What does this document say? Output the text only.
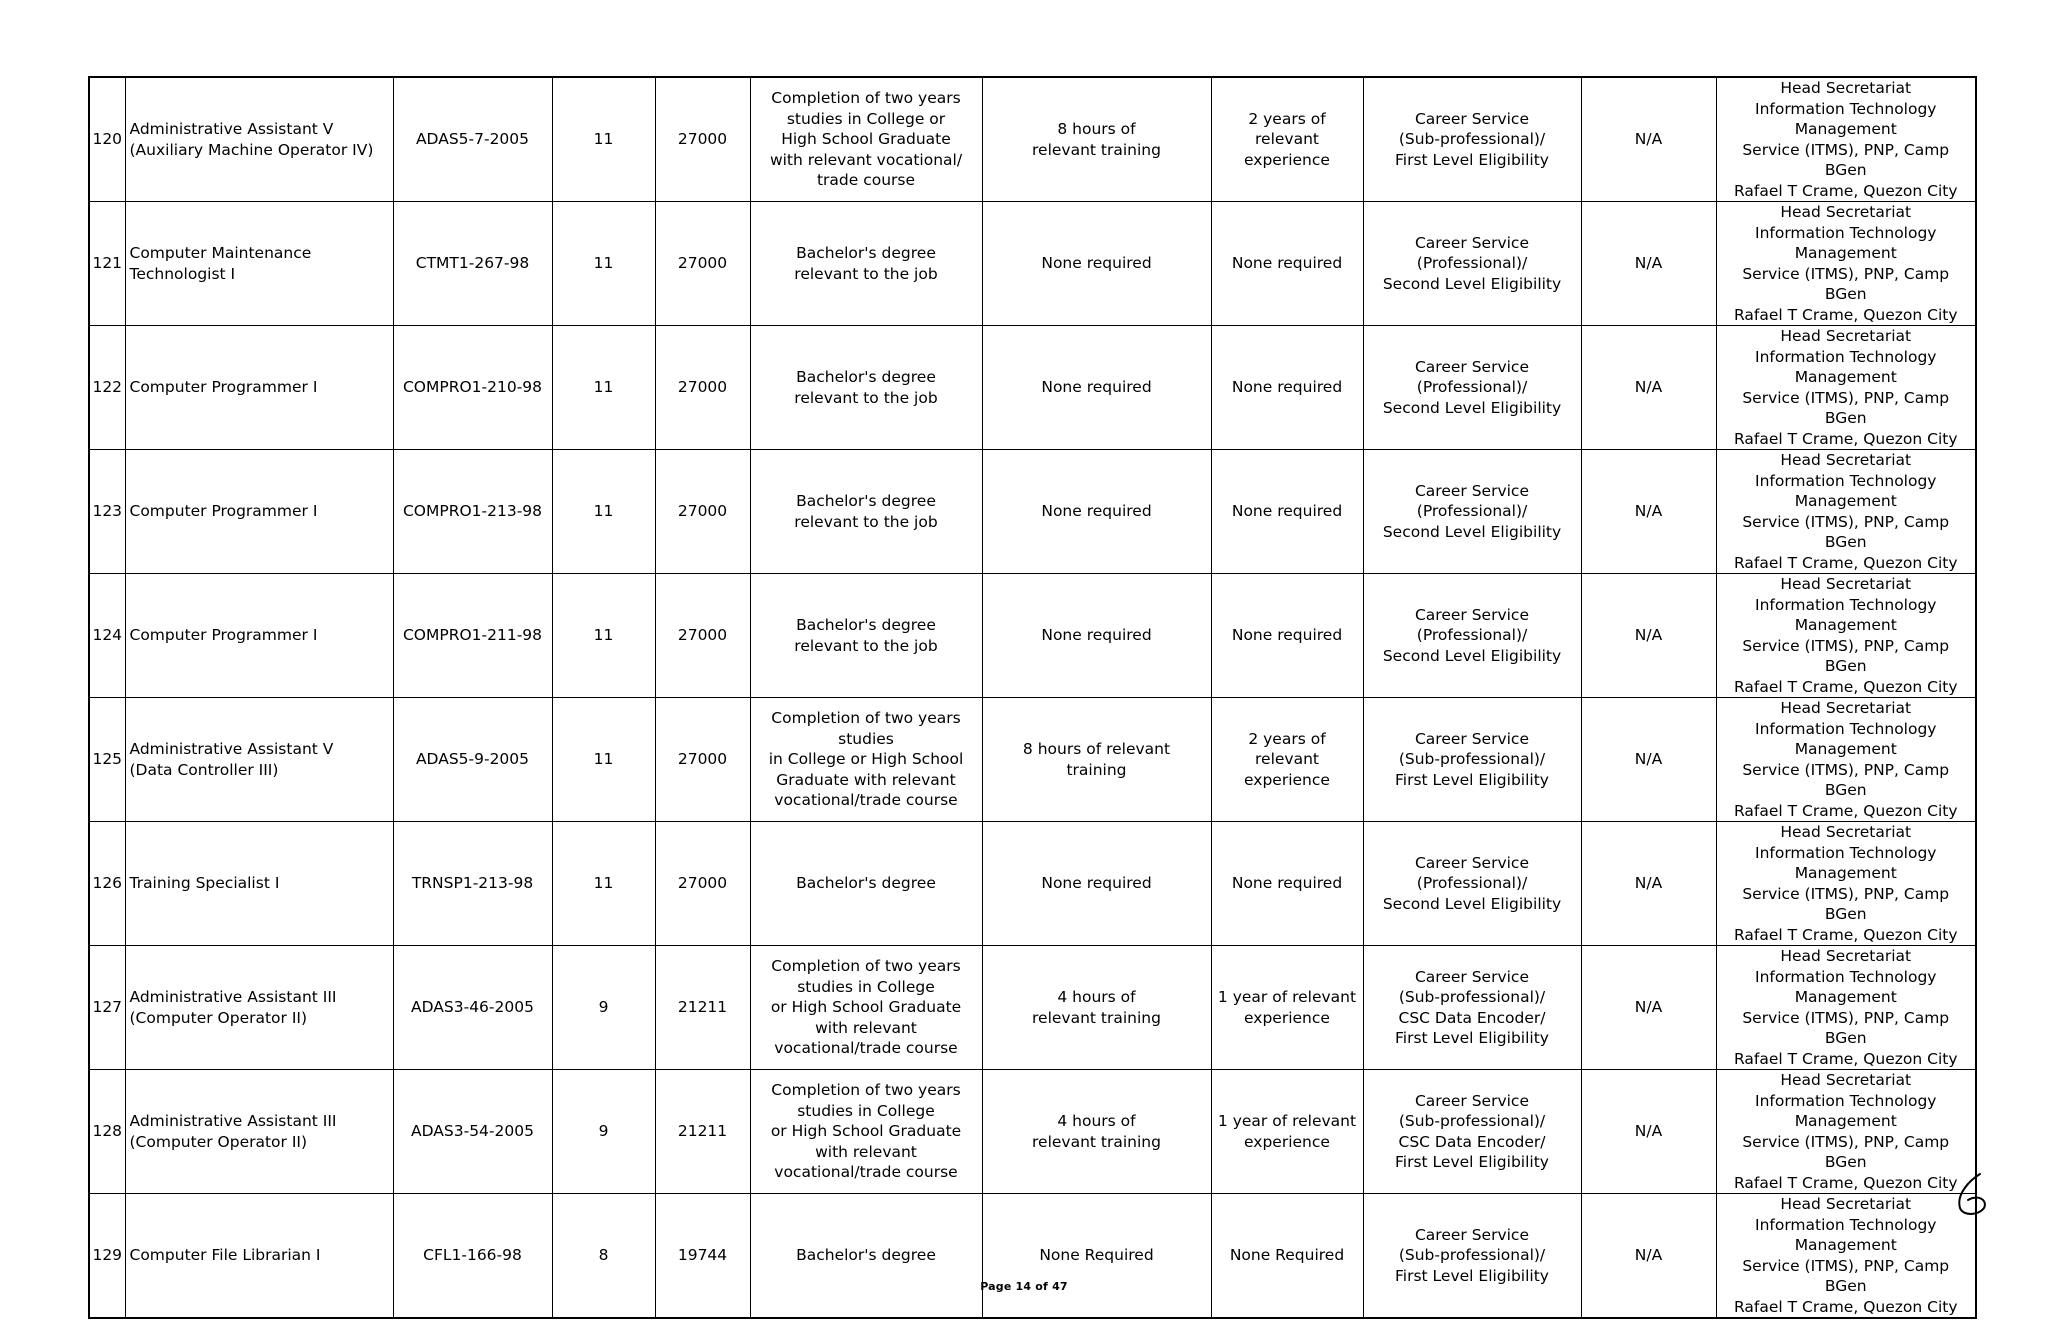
120	Administrative Assistant V
(Auxiliary Machine Operator IV)	ADAS5-7-2005	11	27000	Completion of two years
studies in College or
High School Graduate
with relevant vocational/
trade course	8 hours of
relevant training	2 years of relevant
experience	Career Service
(Sub-professional)/
First Level Eligibility	N/A	Head Secretariat
Information Technology Management
Service (ITMS), PNP, Camp BGen
Rafael T Crame, Quezon City

121	Computer Maintenance
Technologist I	CTMT1-267-98	11	27000	Bachelor's degree
relevant to the job	None required	None required	Career Service
(Professional)/
Second Level Eligibility	N/A	Head Secretariat
Information Technology Management
Service (ITMS), PNP, Camp BGen
Rafael T Crame, Quezon City

122	Computer Programmer I	COMPRO1-210-98	11	27000	Bachelor's degree
relevant to the job	None required	None required	Career Service
(Professional)/
Second Level Eligibility	N/A	Head Secretariat
Information Technology Management
Service (ITMS), PNP, Camp BGen
Rafael T Crame, Quezon City

123	Computer Programmer I	COMPRO1-213-98	11	27000	Bachelor's degree
relevant to the job	None required	None required	Career Service
(Professional)/
Second Level Eligibility	N/A	Head Secretariat
Information Technology Management
Service (ITMS), PNP, Camp BGen
Rafael T Crame, Quezon City

124	Computer Programmer I	COMPRO1-211-98	11	27000	Bachelor's degree
relevant to the job	None required	None required	Career Service
(Professional)/
Second Level Eligibility	N/A	Head Secretariat
Information Technology Management
Service (ITMS), PNP, Camp BGen
Rafael T Crame, Quezon City

125	Administrative Assistant V
(Data Controller III)	ADAS5-9-2005	11	27000	Completion of two years studies
in College or High School
Graduate with relevant
vocational/trade course	8 hours of relevant
training	2 years of relevant
experience	Career Service
(Sub-professional)/
First Level Eligibility	N/A	Head Secretariat
Information Technology Management
Service (ITMS), PNP, Camp BGen
Rafael T Crame, Quezon City

126	Training Specialist I	TRNSP1-213-98	11	27000	Bachelor's degree	None required	None required	Career Service
(Professional)/
Second Level Eligibility	N/A	Head Secretariat
Information Technology Management
Service (ITMS), PNP, Camp BGen
Rafael T Crame, Quezon City

127	Administrative Assistant III
(Computer Operator II)	ADAS3-46-2005	9	21211	Completion of two years
studies in College
or High School Graduate
with relevant
vocational/trade course	4 hours of
relevant training	1 year of relevant
experience	Career Service
(Sub-professional)/
CSC Data Encoder/
First Level Eligibility	N/A	Head Secretariat
Information Technology Management
Service (ITMS), PNP, Camp BGen
Rafael T Crame, Quezon City

128	Administrative Assistant III
(Computer Operator II)	ADAS3-54-2005	9	21211	Completion of two years
studies in College
or High School Graduate
with relevant
vocational/trade course	4 hours of
relevant training	1 year of relevant
experience	Career Service
(Sub-professional)/
CSC Data Encoder/
First Level Eligibility	N/A	Head Secretariat
Information Technology Management
Service (ITMS), PNP, Camp BGen
Rafael T Crame, Quezon City

129	Computer File Librarian I	CFL1-166-98	8	19744	Bachelor's degree	None Required	None Required	Career Service
(Sub-professional)/
First Level Eligibility	N/A	Head Secretariat
Information Technology Management
Service (ITMS), PNP, Camp BGen
Rafael T Crame, Quezon City
Page 14 of 47
